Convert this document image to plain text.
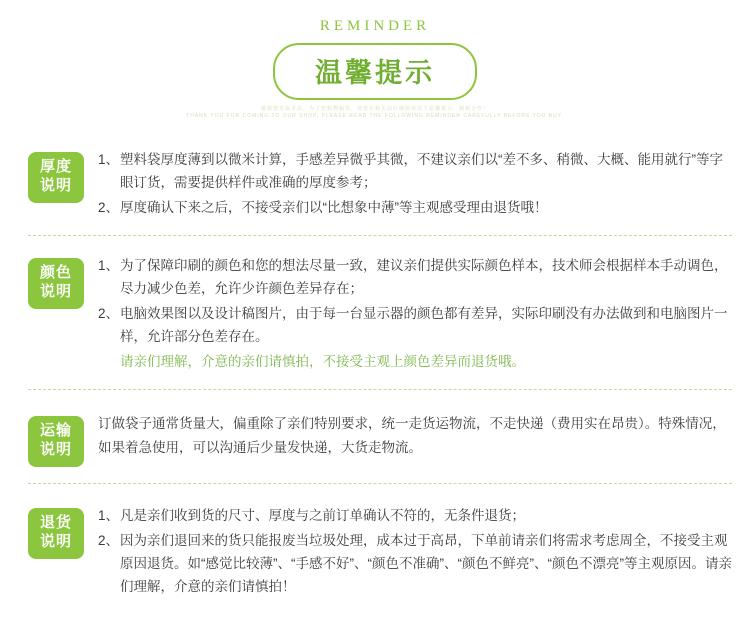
REMINDER
温馨提示
感谢您光临本店，为了您购物愉快，请您在购买前仔细阅读以下温馨提示，谢谢合作！
THANK YOU FOR COMING TO OUR SHOP, PLEASE READ THE FOLLOWING REMINDER CAREFULLY BEFORE YOU BUY.
厚度
说明
1、 塑料袋厚度薄到以微米计算，手感差异微乎其微，不建议亲们以“差不多、稍微、大概、能用就行”等字眼订货，需要提供样件或准确的厚度参考；
2、 厚度确认下来之后，不接受亲们以“比想象中薄”等主观感受理由退货哦！
颜色
说明
1、 为了保障印刷的颜色和您的想法尽量一致，建议亲们提供实际颜色样本，技术师会根据样本手动调色，尽力减少色差，允许少许颜色差异存在；
2、 电脑效果图以及设计稿图片，由于每一台显示器的颜色都有差异，实际印刷没有办法做到和电脑图片一样，允许部分色差存在。
请亲们理解，介意的亲们请慎拍，不接受主观上颜色差异而退货哦。
运输
说明
订做袋子通常货量大，偏重除了亲们特别要求，统一走货运物流，不走快递（费用实在昂贵）。特殊情况，如果着急使用，可以沟通后少量发快递，大货走物流。
退货
说明
1、 凡是亲们收到货的尺寸、厚度与之前订单确认不符的，无条件退货；
2、 因为亲们退回来的货只能报废当垃圾处理，成本过于高昂，下单前请亲们将需求考虑周全，不接受主观原因退货。如“感觉比较薄”、“手感不好”、“颜色不准确”、“颜色不鲜亮”、“颜色不漂亮”等主观原因。请亲们理解，介意的亲们请慎拍！
